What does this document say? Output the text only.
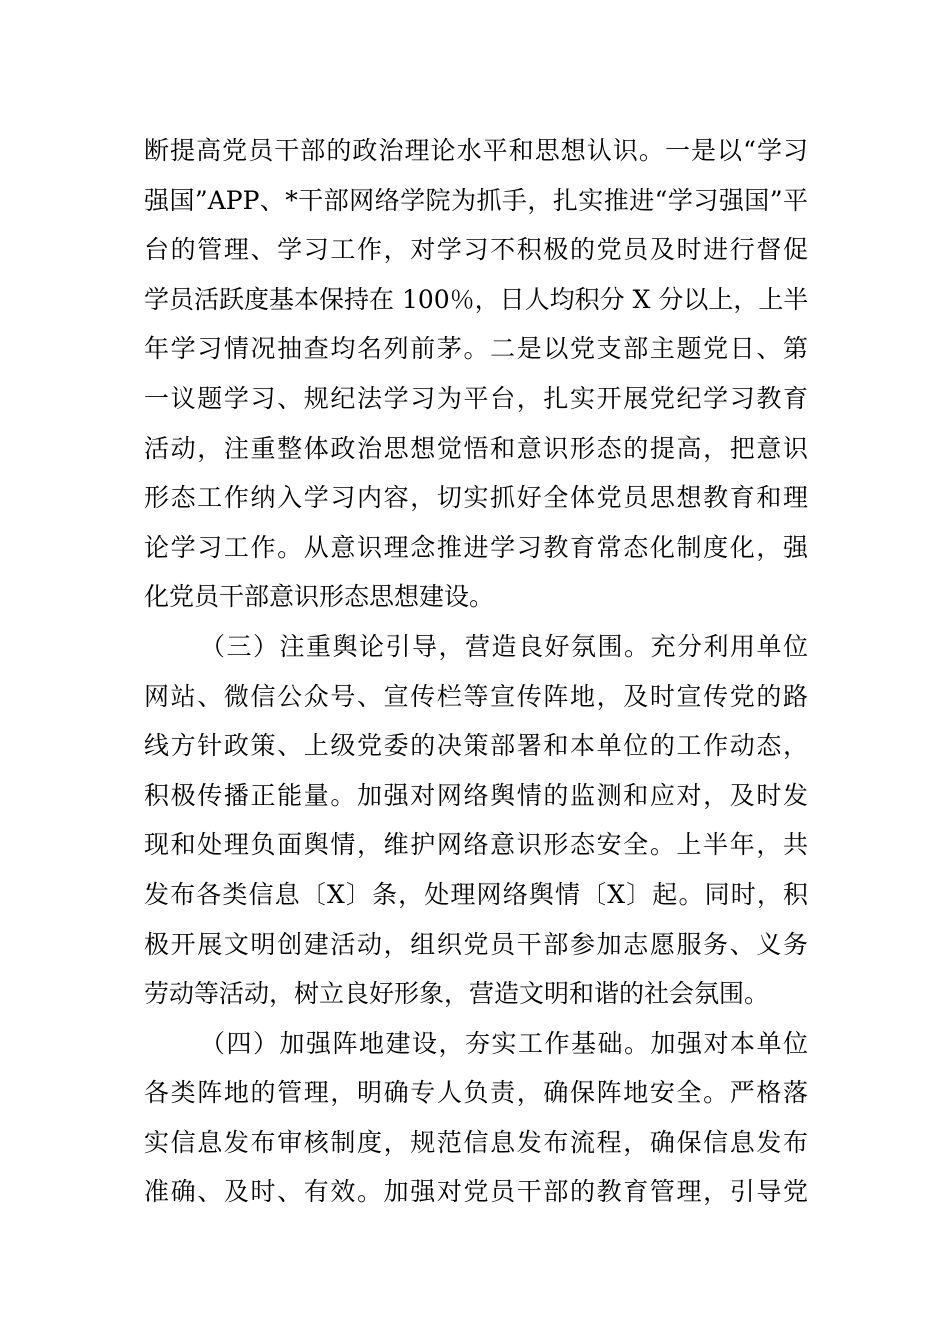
断提高党员干部的政治理论水平和思想认识。一是以“学习
强国”APP、*干部网络学院为抓手，扎实推进“学习强国”平
台的管理、学习工作，对学习不积极的党员及时进行督促
学员活跃度基本保持在 100％，日人均积分 X 分以上，上半
年学习情况抽查均名列前茅。二是以党支部主题党日、第
一议题学习、规纪法学习为平台，扎实开展党纪学习教育
活动，注重整体政治思想觉悟和意识形态的提高，把意识
形态工作纳入学习内容，切实抓好全体党员思想教育和理
论学习工作。从意识理念推进学习教育常态化制度化，强
化党员干部意识形态思想建设。
（三）注重舆论引导，营造良好氛围。充分利用单位
网站、微信公众号、宣传栏等宣传阵地，及时宣传党的路
线方针政策、上级党委的决策部署和本单位的工作动态，
积极传播正能量。加强对网络舆情的监测和应对，及时发
现和处理负面舆情，维护网络意识形态安全。上半年，共
发布各类信息〔X〕条，处理网络舆情〔X〕起。同时，积
极开展文明创建活动，组织党员干部参加志愿服务、义务
劳动等活动，树立良好形象，营造文明和谐的社会氛围。
（四）加强阵地建设，夯实工作基础。加强对本单位
各类阵地的管理，明确专人负责，确保阵地安全。严格落
实信息发布审核制度，规范信息发布流程，确保信息发布
准确、及时、有效。加强对党员干部的教育管理，引导党
